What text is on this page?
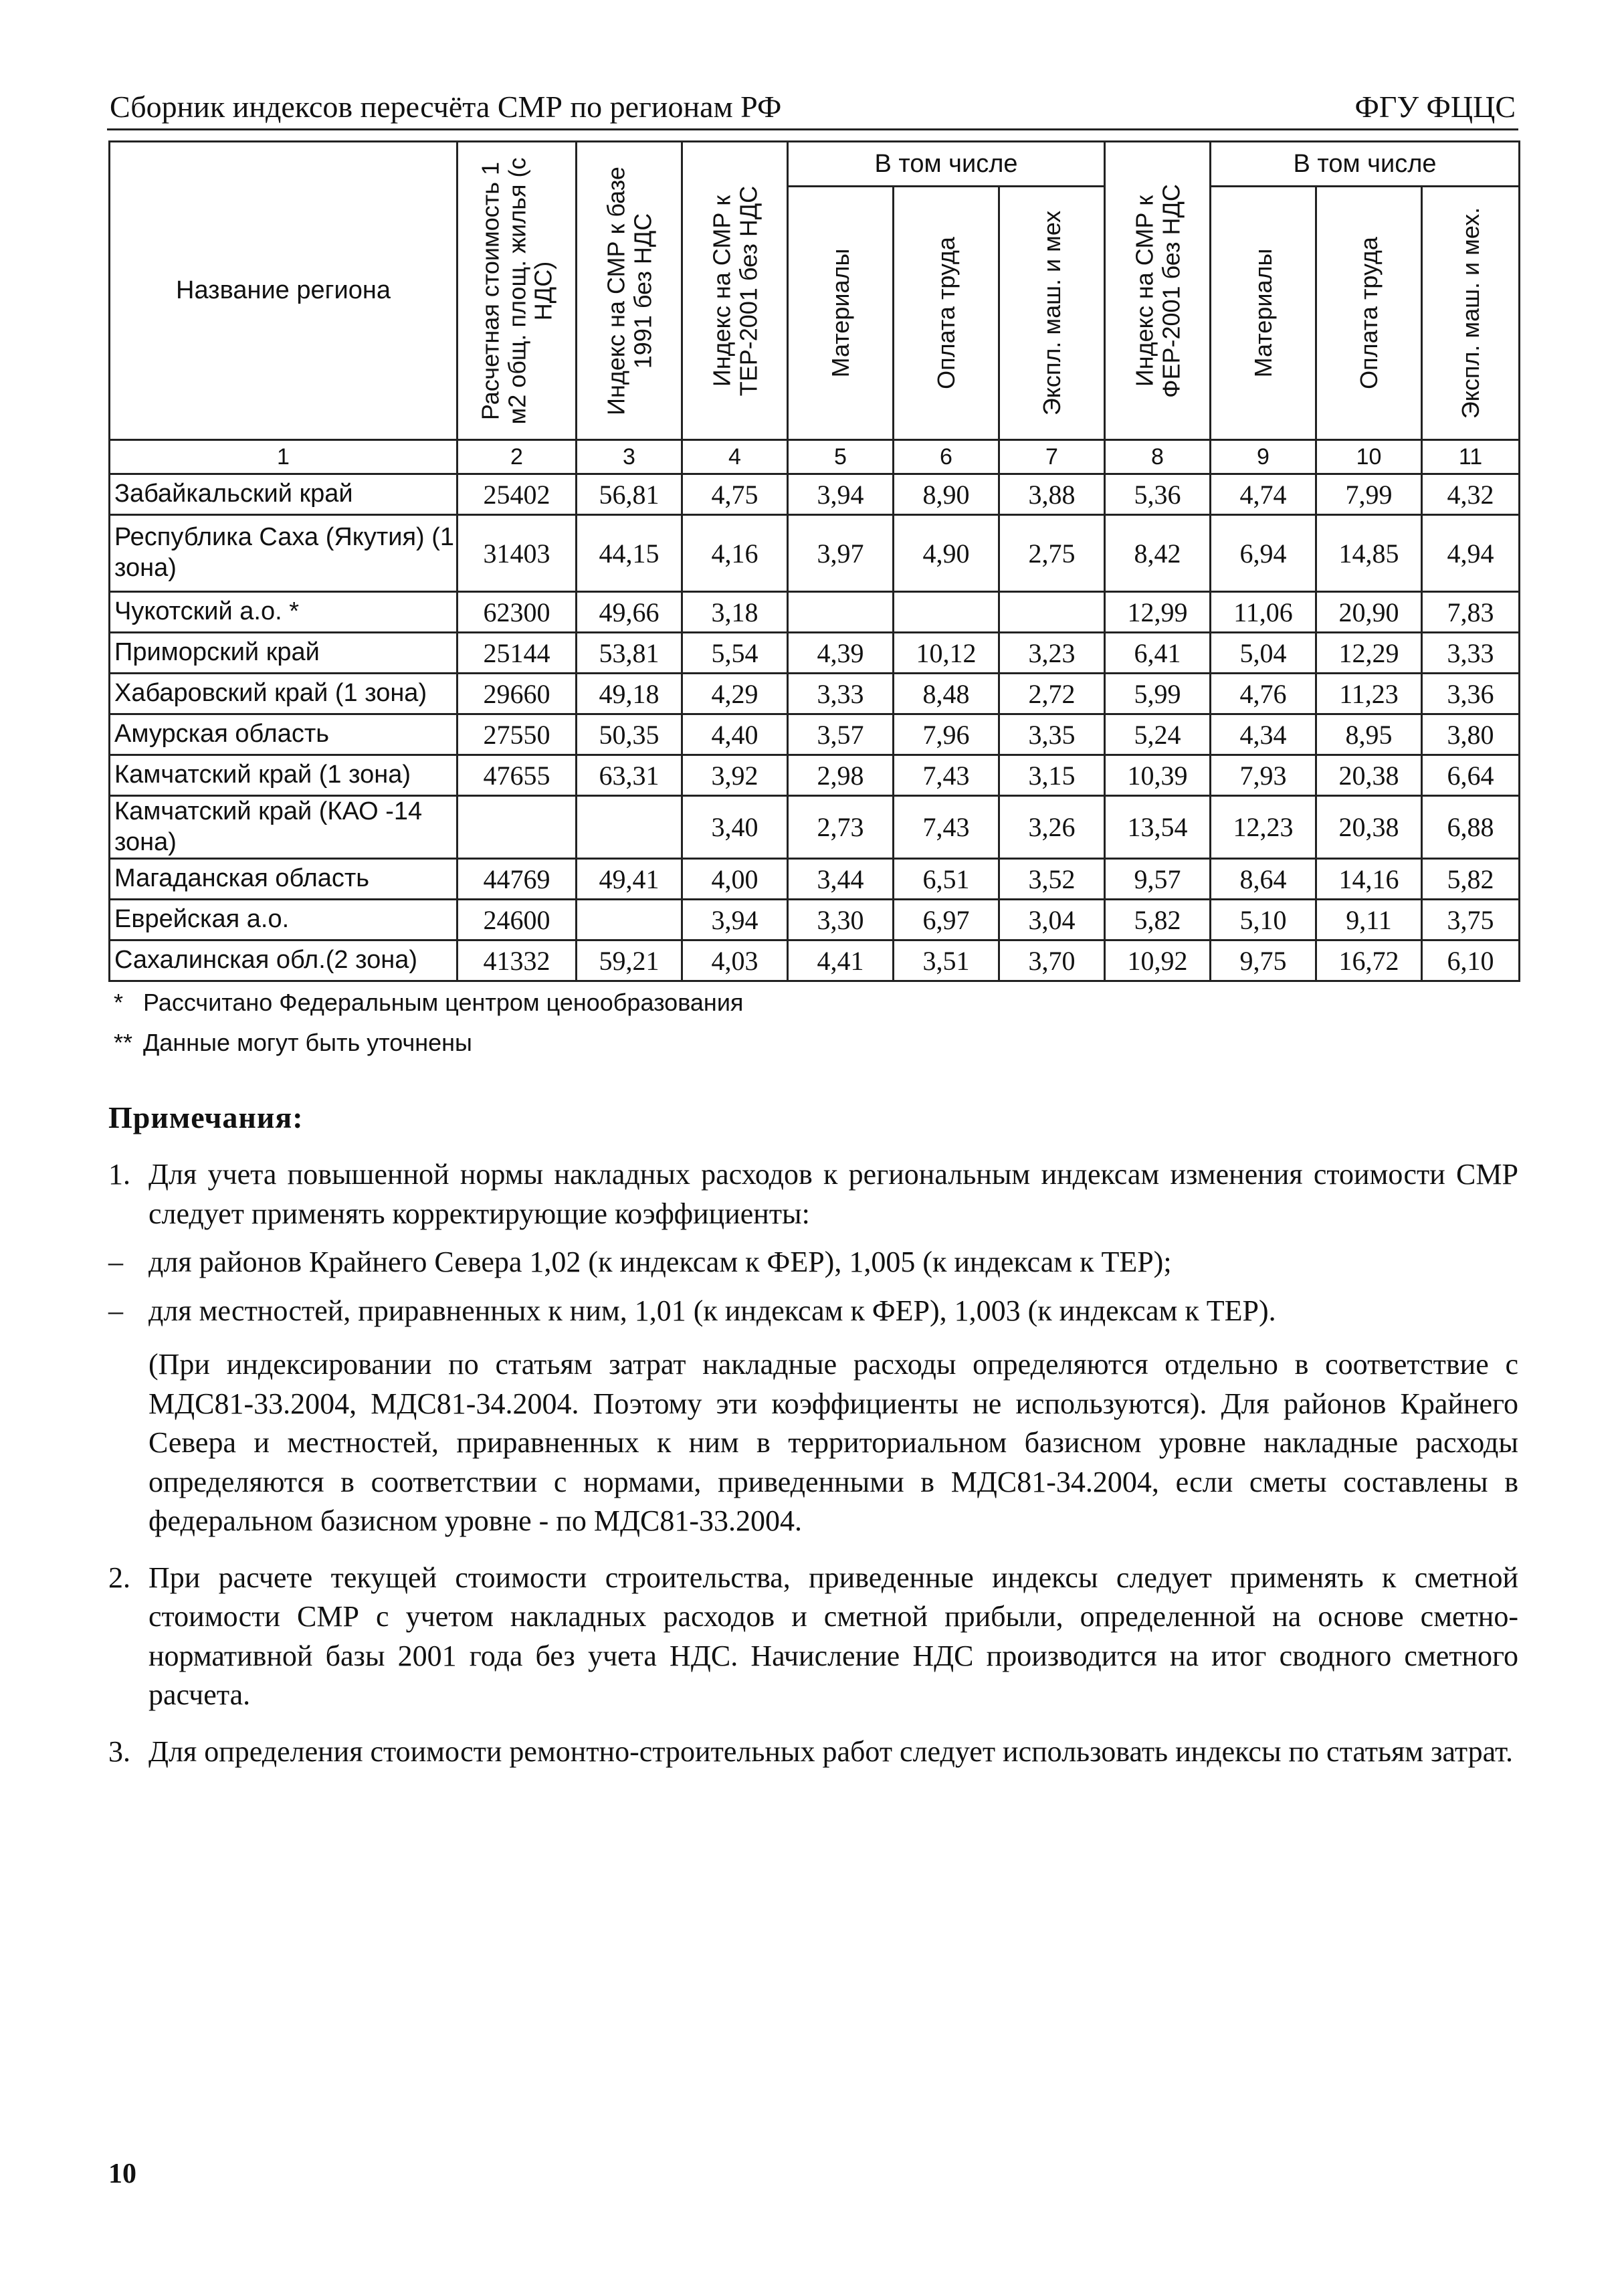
Сборник индексов пересчёта СМР по регионам РФ	ФГУ ФЦЦС
Название региона	Расчетная стоимость 1 м2 общ. площ. жилья (с НДС)	Индекс на СМР к базе 1991 без НДС	Индекс на СМР к ТЕР-2001 без НДС	В том числе			Индекс на СМР к ФЕР-2001 без НДС	В том числе		

				Материалы	Оплата труда	Экспл. маш. и мех		Материалы	Оплата труда	Экспл. маш. и мех.

1	2	3	4	5	6	7	8	9	10	11
Забайкальский край	25402	56,81	4,75	3,94	8,90	3,88	5,36	4,74	7,99	4,32
Республика Саха (Якутия) (1 зона)	31403	44,15	4,16	3,97	4,90	2,75	8,42	6,94	14,85	4,94
Чукотский а.о. *	62300	49,66	3,18				12,99	11,06	20,90	7,83
Приморский край	25144	53,81	5,54	4,39	10,12	3,23	6,41	5,04	12,29	3,33
Хабаровский край (1 зона)	29660	49,18	4,29	3,33	8,48	2,72	5,99	4,76	11,23	3,36
Амурская область	27550	50,35	4,40	3,57	7,96	3,35	5,24	4,34	8,95	3,80
Камчатский край (1 зона)	47655	63,31	3,92	2,98	7,43	3,15	10,39	7,93	20,38	6,64
Камчатский край (КАО -14 зона)			3,40	2,73	7,43	3,26	13,54	12,23	20,38	6,88
Магаданская область	44769	49,41	4,00	3,44	6,51	3,52	9,57	8,64	14,16	5,82
Еврейская а.о.	24600		3,94	3,30	6,97	3,04	5,82	5,10	9,11	3,75
Сахалинская обл.(2 зона)	41332	59,21	4,03	4,41	3,51	3,70	10,92	9,75	16,72	6,10
* Рассчитано Федеральным центром ценообразования
** Данные могут быть уточнены
Примечания:
1. Для учета повышенной нормы накладных расходов к региональным индексам изменения стоимости СМР следует применять корректирующие коэффициенты:
– для районов Крайнего Севера 1,02 (к индексам к ФЕР), 1,005 (к индексам к ТЕР);
– для местностей, приравненных к ним, 1,01 (к индексам к ФЕР), 1,003 (к индексам к ТЕР).
(При индексировании по статьям затрат накладные расходы определяются отдельно в соответствие с МДС81-33.2004, МДС81-34.2004. Поэтому эти коэффициенты не используются). Для районов Крайнего Севера и местностей, приравненных к ним в территориальном базисном уровне накладные расходы определяются в соответствии с нормами, приведенными в МДС81-34.2004, если сметы составлены в федеральном базисном уровне - по МДС81-33.2004.
2. При расчете текущей стоимости строительства, приведенные индексы следует применять к сметной стоимости СМР с учетом накладных расходов и сметной прибыли, определенной на основе сметно-нормативной базы 2001 года без учета НДС. Начисление НДС производится на итог сводного сметного расчета.
3. Для определения стоимости ремонтно-строительных работ следует использовать индексы по статьям затрат.
10
